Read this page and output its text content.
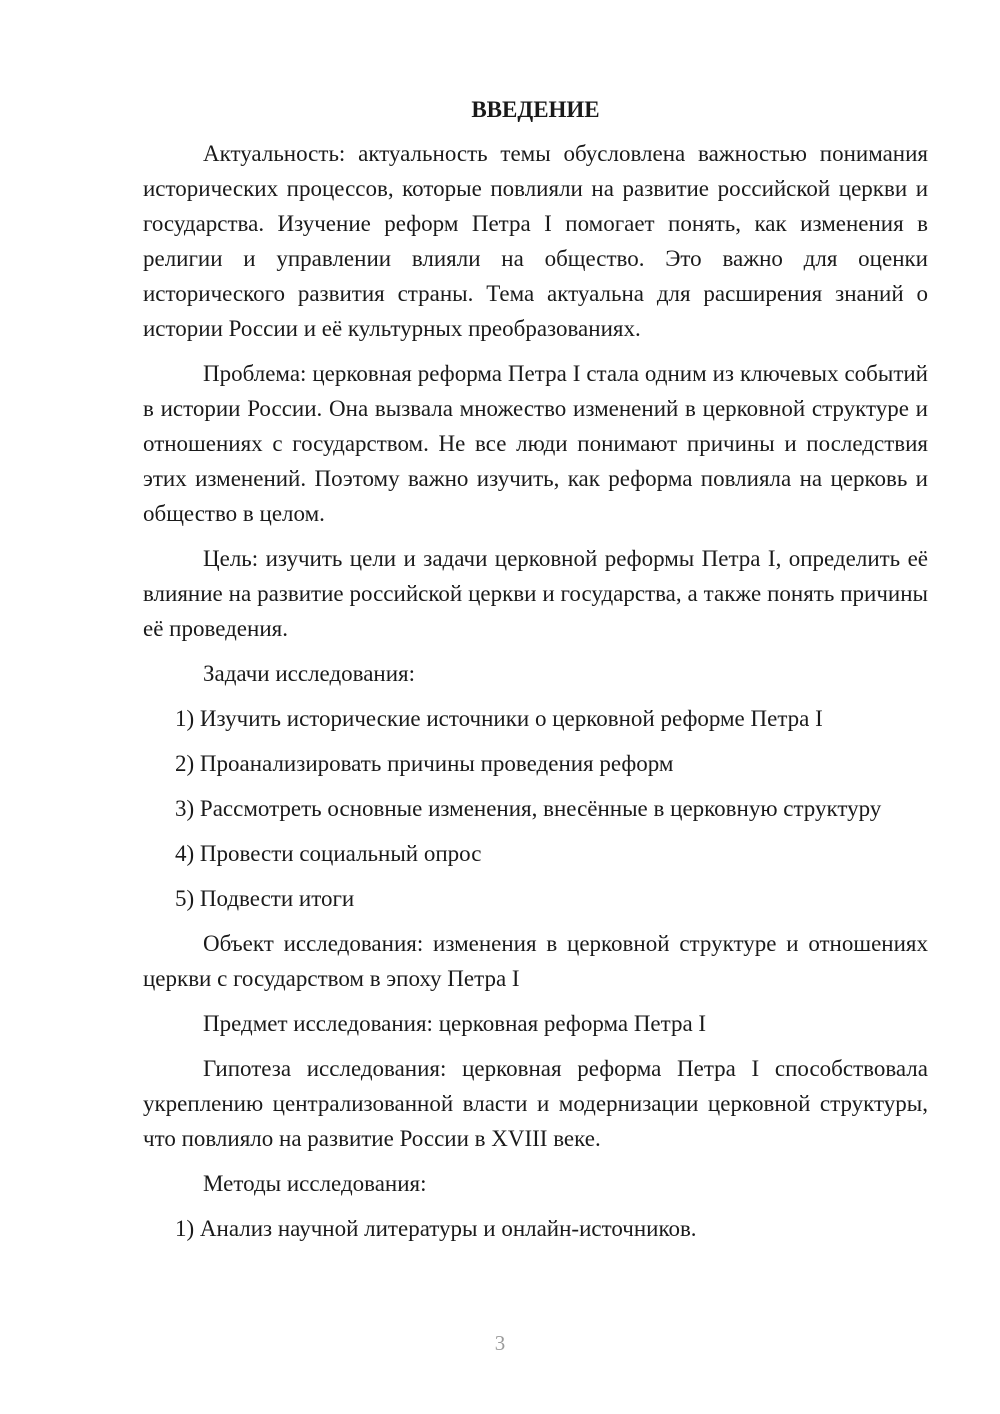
ВВЕДЕНИЕ

Актуальность: актуальность темы обусловлена важностью понимания исторических процессов, которые повлияли на развитие российской церкви и государства. Изучение реформ Петра I помогает понять, как изменения в религии и управлении влияли на общество. Это важно для оценки исторического развития страны. Тема актуальна для расширения знаний о истории России и её культурных преобразованиях.

Проблема: церковная реформа Петра I стала одним из ключевых событий в истории России. Она вызвала множество изменений в церковной структуре и отношениях с государством. Не все люди понимают причины и последствия этих изменений. Поэтому важно изучить, как реформа повлияла на церковь и общество в целом.

Цель: изучить цели и задачи церковной реформы Петра I, определить её влияние на развитие российской церкви и государства, а также понять причины её проведения.

Задачи исследования:

1) Изучить исторические источники о церковной реформе Петра I

2) Проанализировать причины проведения реформ

3) Рассмотреть основные изменения, внесённые в церковную структуру

4) Провести социальный опрос

5) Подвести итоги

Объект исследования: изменения в церковной структуре и отношениях церкви с государством в эпоху Петра I

Предмет исследования: церковная реформа Петра I

Гипотеза исследования: церковная реформа Петра I способствовала укреплению централизованной власти и модернизации церковной структуры, что повлияло на развитие России в XVIII веке.

Методы исследования:

1) Анализ научной литературы и онлайн-источников.

3
